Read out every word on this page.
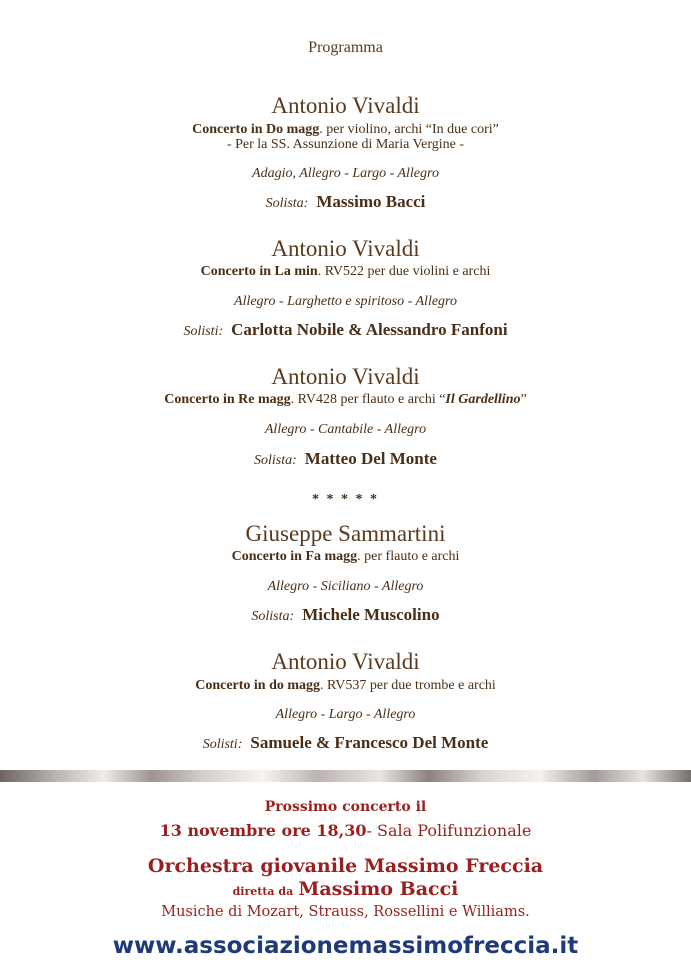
Programma
Antonio Vivaldi
Concerto in Do magg. per violino, archi “In due cori”
- Per la SS. Assunzione di Maria Vergine -
Adagio, Allegro - Largo - Allegro
Solista: Massimo Bacci
Antonio Vivaldi
Concerto in La min. RV522 per due violini e archi
Allegro - Larghetto e spiritoso - Allegro
Solisti: Carlotta Nobile & Alessandro Fanfoni
Antonio Vivaldi
Concerto in Re magg. RV428 per flauto e archi “Il Gardellino”
Allegro - Cantabile - Allegro
Solista: Matteo Del Monte
* * * * *
Giuseppe Sammartini
Concerto in Fa magg. per flauto e archi
Allegro - Siciliano - Allegro
Solista: Michele Muscolino
Antonio Vivaldi
Concerto in do magg. RV537 per due trombe e archi
Allegro - Largo - Allegro
Solisti: Samuele & Francesco Del Monte
Prossimo concerto il
13 novembre ore 18,30- Sala Polifunzionale
Orchestra giovanile Massimo Freccia
diretta da Massimo Bacci
Musiche di Mozart, Strauss, Rossellini e Williams.
www.associazionemassimofreccia.it
